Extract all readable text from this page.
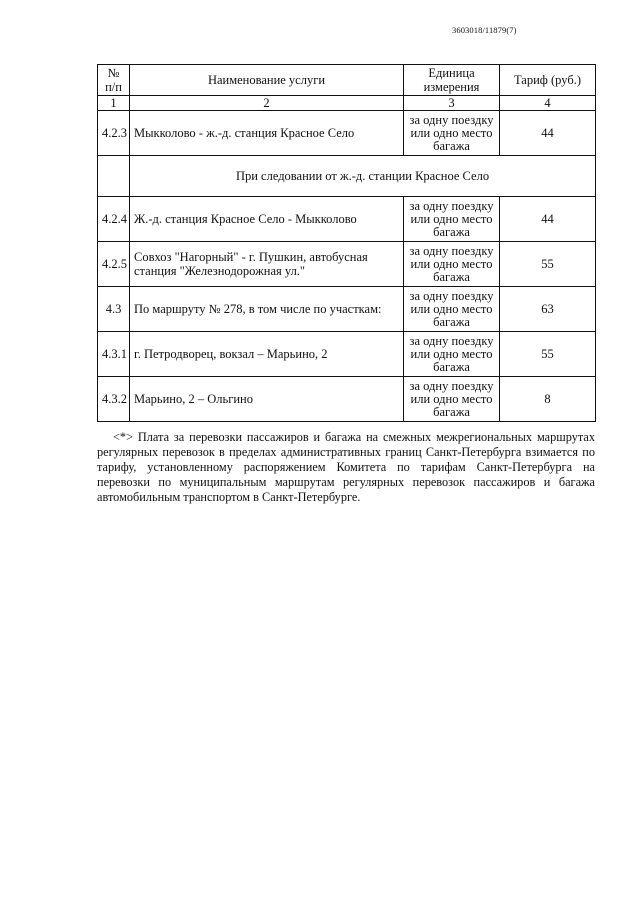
3603018/11879(7)
№ п/п	Наименование услуги	Единица измерения	Тариф (руб.)
1	2	3	4
4.2.3	Мыкколово - ж.-д. станция Красное Село	за одну поездку или одно место багажа	44
	При следовании от ж.-д. станции Красное Село		
4.2.4	Ж.-д. станция Красное Село - Мыкколово	за одну поездку или одно место багажа	44
4.2.5	Совхоз "Нагорный" - г. Пушкин, автобусная станция "Железнодорожная ул."	за одну поездку или одно место багажа	55
4.3	По маршруту № 278, в том числе по участкам:	за одну поездку или одно место багажа	63
4.3.1	г. Петродворец, вокзал – Марьино, 2	за одну поездку или одно место багажа	55
4.3.2	Марьино, 2 – Ольгино	за одну поездку или одно место багажа	8

<*> Плата за перевозки пассажиров и багажа на смежных межрегиональных маршрутах регулярных перевозок в пределах административных границ Санкт-Петербурга взимается по тарифу, установленному распоряжением Комитета по тарифам Санкт-Петербурга на перевозки по муниципальным маршрутам регулярных перевозок пассажиров и багажа автомобильным транспортом в Санкт-Петербурге.
